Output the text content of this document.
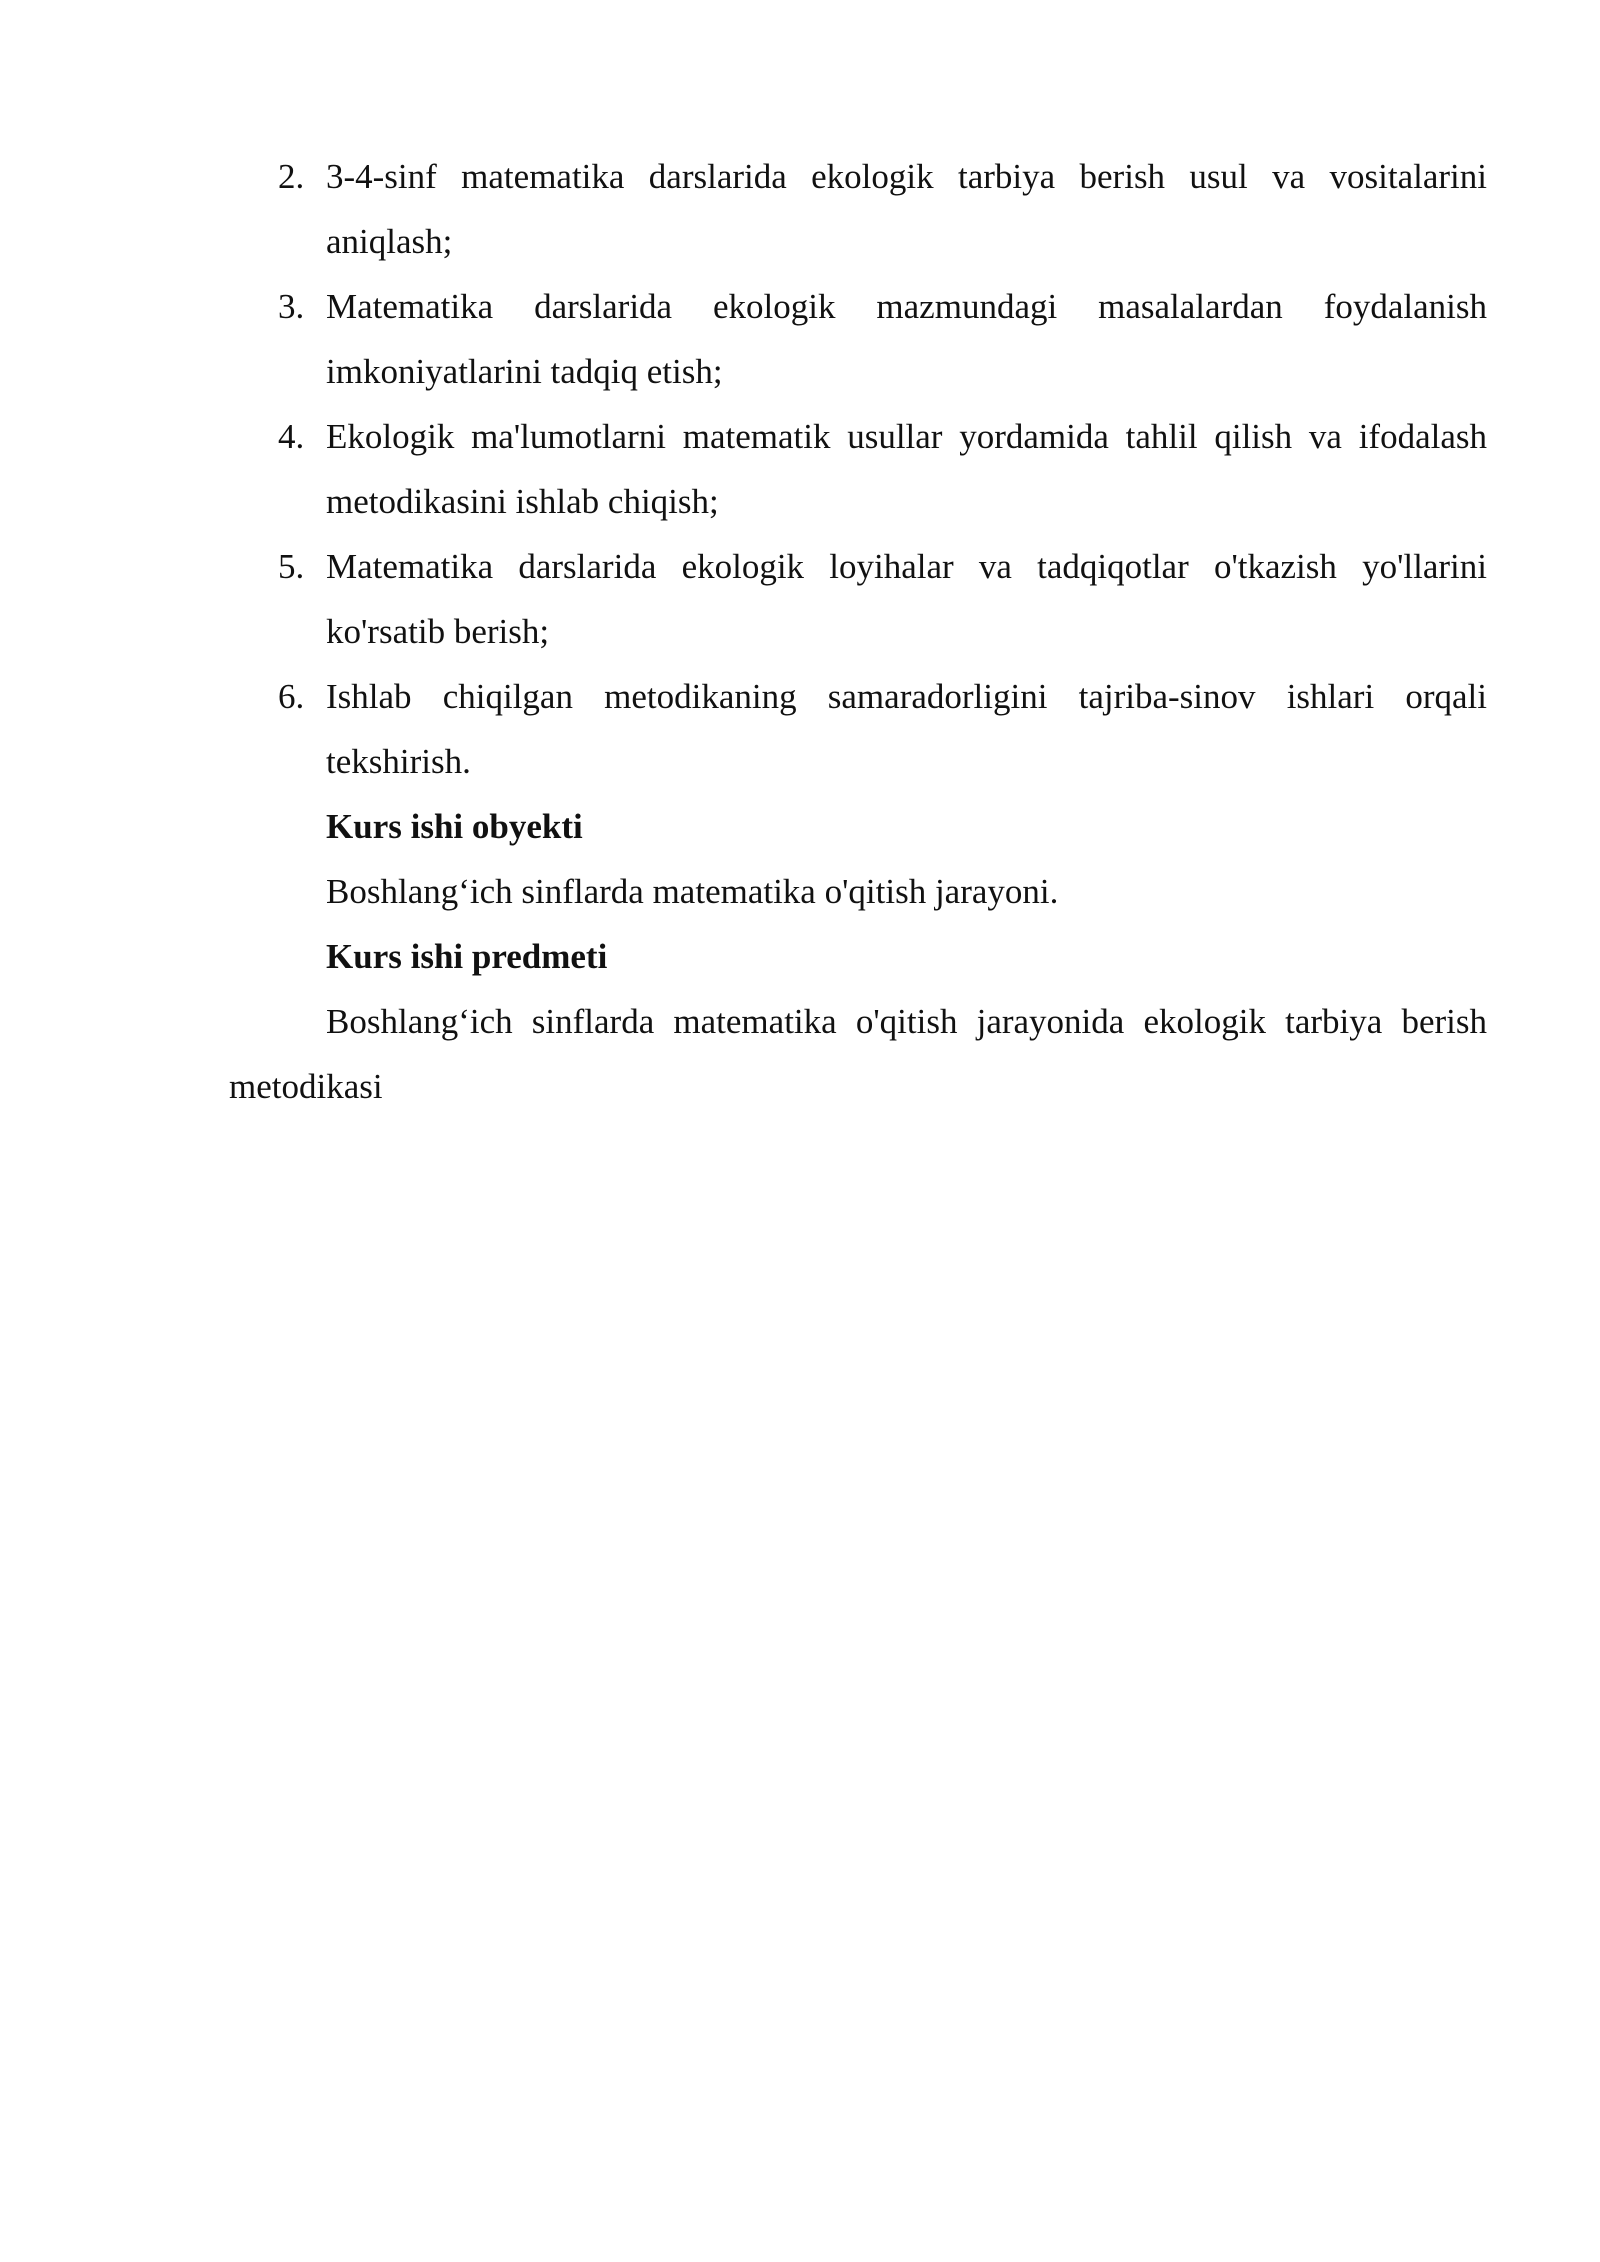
2. 3-4-sinf matematika darslarida ekologik tarbiya berish usul va vositalarini aniqlash;
3. Matematika darslarida ekologik mazmundagi masalalardan foydalanish imkoniyatlarini tadqiq etish;
4. Ekologik ma'lumotlarni matematik usullar yordamida tahlil qilish va ifodalash metodikasini ishlab chiqish;
5. Matematika darslarida ekologik loyihalar va tadqiqotlar o'tkazish yo'llarini ko'rsatib berish;
6. Ishlab chiqilgan metodikaning samaradorligini tajriba-sinov ishlari orqali tekshirish.

Kurs ishi obyekti

Boshlang‘ich sinflarda matematika o'qitish jarayoni.

Kurs ishi predmeti

Boshlang‘ich sinflarda matematika o'qitish jarayonida ekologik tarbiya berish metodikasi
